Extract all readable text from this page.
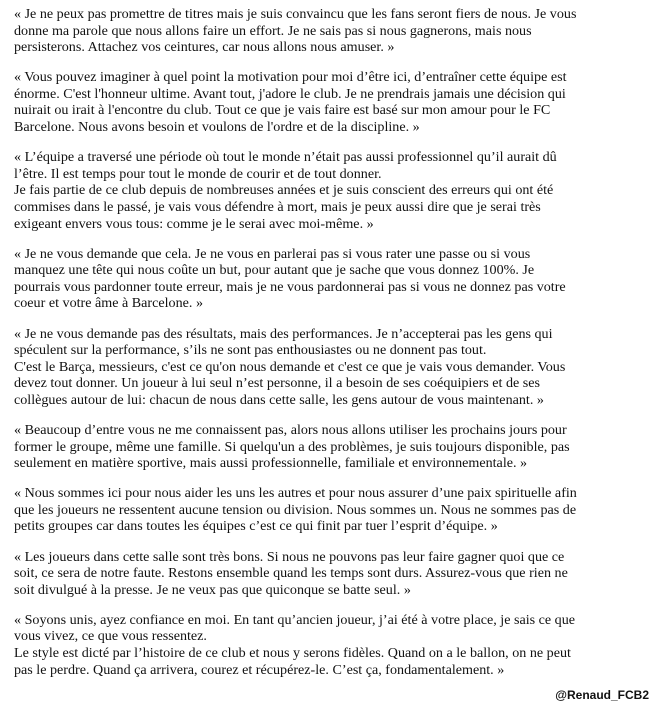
« Je ne peux pas promettre de titres mais je suis convaincu que les fans seront fiers de nous. Je vous
donne ma parole que nous allons faire un effort. Je ne sais pas si nous gagnerons, mais nous
persisterons. Attachez vos ceintures, car nous allons nous amuser. »
« Vous pouvez imaginer à quel point la motivation pour moi d’être ici, d’entraîner cette équipe est
énorme. C'est l'honneur ultime. Avant tout, j'adore le club. Je ne prendrais jamais une décision qui
nuirait ou irait à l'encontre du club. Tout ce que je vais faire est basé sur mon amour pour le FC
Barcelone. Nous avons besoin et voulons de l'ordre et de la discipline. »
« L’équipe a traversé une période où tout le monde n’était pas aussi professionnel qu’il aurait dû
l’être. Il est temps pour tout le monde de courir et de tout donner.
Je fais partie de ce club depuis de nombreuses années et je suis conscient des erreurs qui ont été
commises dans le passé, je vais vous défendre à mort, mais je peux aussi dire que je serai très
exigeant envers vous tous: comme je le serai avec moi-même. »
« Je ne vous demande que cela. Je ne vous en parlerai pas si vous rater une passe ou si vous
manquez une tête qui nous coûte un but, pour autant que je sache que vous donnez 100%. Je
pourrais vous pardonner toute erreur, mais je ne vous pardonnerai pas si vous ne donnez pas votre
coeur et votre âme à Barcelone. »
« Je ne vous demande pas des résultats, mais des performances. Je n’accepterai pas les gens qui
spéculent sur la performance, s’ils ne sont pas enthousiastes ou ne donnent pas tout.
C'est le Barça, messieurs, c'est ce qu'on nous demande et c'est ce que je vais vous demander. Vous
devez tout donner. Un joueur à lui seul n’est personne, il a besoin de ses coéquipiers et de ses
collègues autour de lui: chacun de nous dans cette salle, les gens autour de vous maintenant. »
« Beaucoup d’entre vous ne me connaissent pas, alors nous allons utiliser les prochains jours pour
former le groupe, même une famille. Si quelqu'un a des problèmes, je suis toujours disponible, pas
seulement en matière sportive, mais aussi professionnelle, familiale et environnementale. »
« Nous sommes ici pour nous aider les uns les autres et pour nous assurer d’une paix spirituelle afin
que les joueurs ne ressentent aucune tension ou division. Nous sommes un. Nous ne sommes pas de
petits groupes car dans toutes les équipes c’est ce qui finit par tuer l’esprit d’équipe. »
« Les joueurs dans cette salle sont très bons. Si nous ne pouvons pas leur faire gagner quoi que ce
soit, ce sera de notre faute. Restons ensemble quand les temps sont durs. Assurez-vous que rien ne
soit divulgué à la presse. Je ne veux pas que quiconque se batte seul. »
« Soyons unis, ayez confiance en moi. En tant qu’ancien joueur, j’ai été à votre place, je sais ce que
vous vivez, ce que vous ressentez.
Le style est dicté par l’histoire de ce club et nous y serons fidèles. Quand on a le ballon, on ne peut
pas le perdre. Quand ça arrivera, courez et récupérez-le. C’est ça, fondamentalement. »
@Renaud_FCB2
